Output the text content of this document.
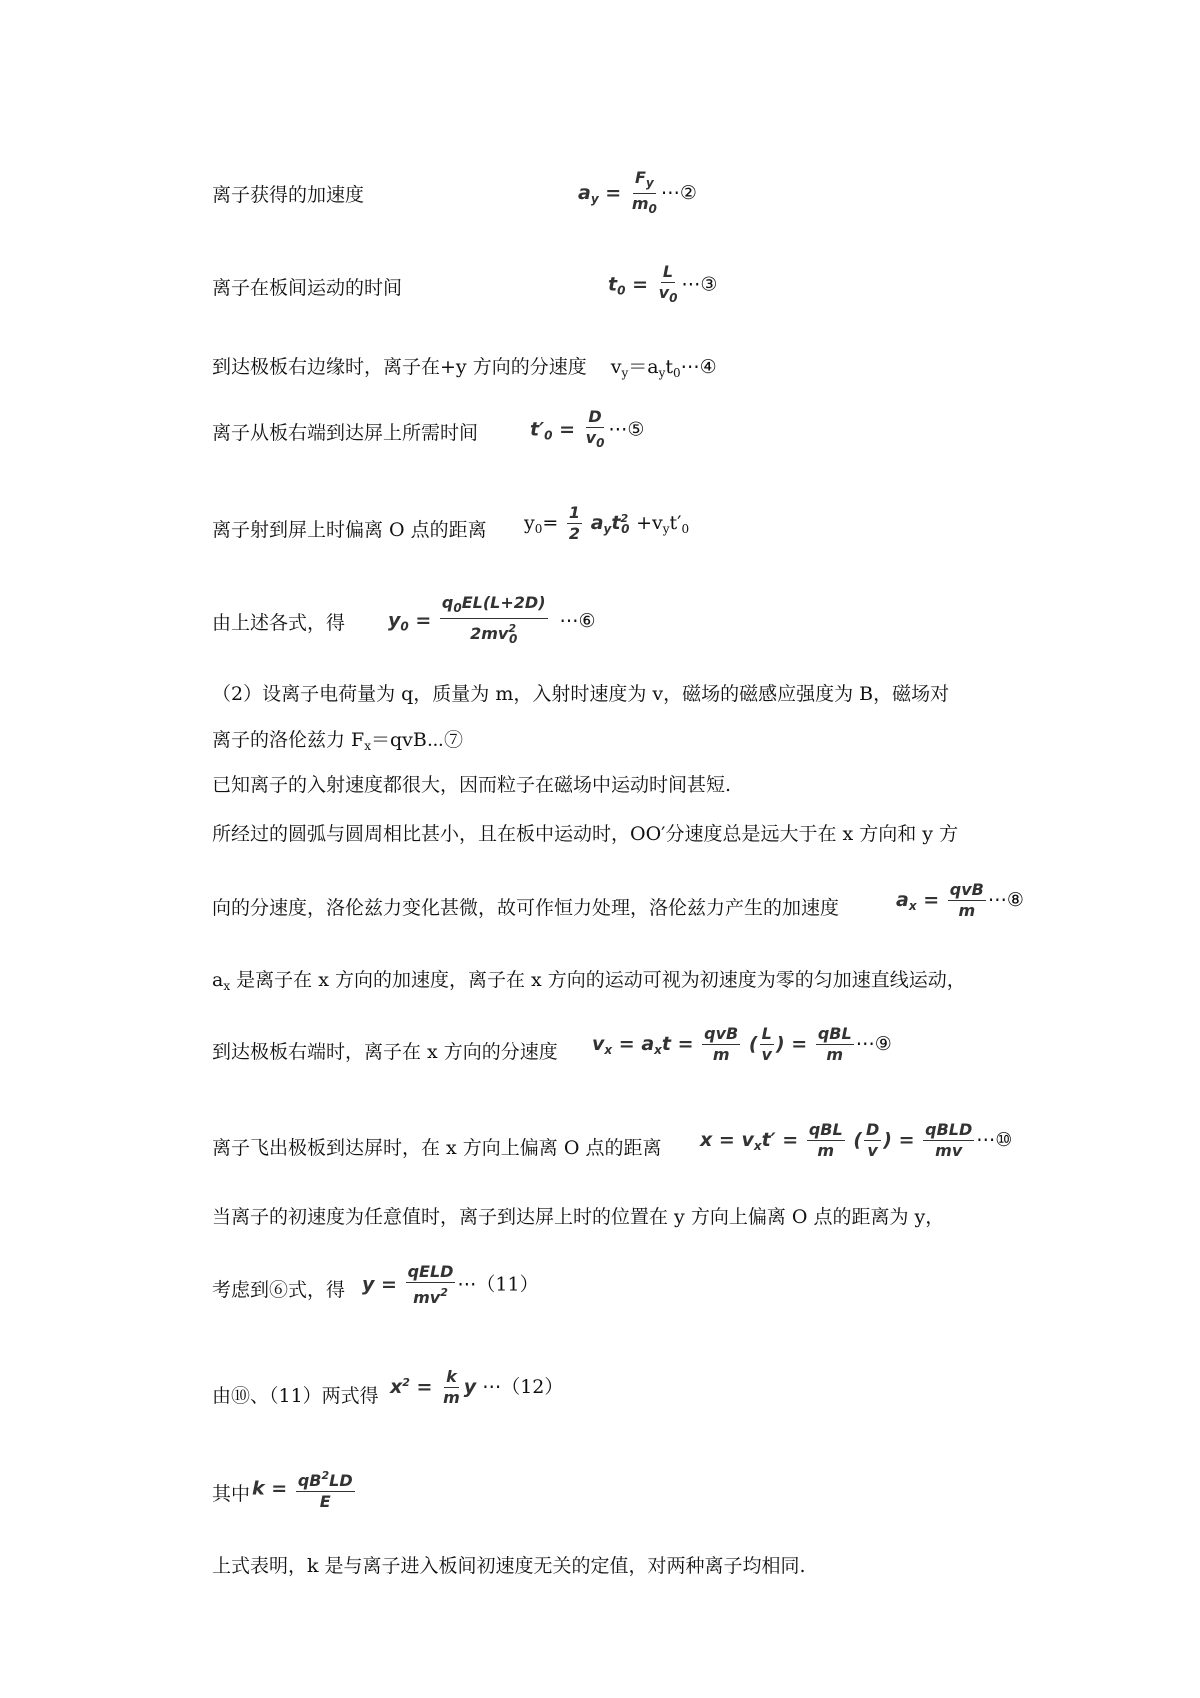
离子获得的加速度	$a_y = \frac{F_y}{m_0}$ ⋯②
离子在板间运动的时间	$t_0 = \frac{L}{v_0}$ ⋯③
到达极板右边缘时，离子在+y 方向的分速度 $v_y=a_yt_0\cdots ④$
离子从板右端到达屏上所需时间	$t'_0 = \frac{D}{v_0}$ ⋯⑤
离子射到屏上时偏离 O 点的距离 $y_0= \frac{1}{2} a_yt^2_0 +v_yt'_0$
由上述各式，得 $y_0 = \frac{q_0EL(L+2D)}{2mv^2_0}$ ⋯⑥
（2）设离子电荷量为 q，质量为 m，入射时速度为 v，磁场的磁感应强度为 B，磁场对
离子的洛伦兹力 $F_x=qvB\cdots ⑦$
已知离子的入射速度都很大，因而粒子在磁场中运动时间甚短.
所经过的圆弧与圆周相比甚小，且在板中运动时，OO′分速度总是远大于在 x 方向和 y 方
向的分速度，洛伦兹力变化甚微，故可作恒力处理，洛伦兹力产生的加速度	$a_x = \frac{\text{qvB}}{m}$ ⋯⑧
$a_x$ 是离子在 x 方向的加速度，离子在 x 方向的运动可视为初速度为零的匀加速直线运动，
到达极板右端时，离子在 x 方向的分速度 $v_x = a_xt = \frac{\text{qvB}}{m}$ ( $\frac{L}{v}$ ) = $\frac{\text{qBL}}{m}$ ⋯⑨
离子飞出极板到达屏时，在 x 方向上偏离 O 点的距离 $x = v_xt' = \frac{\text{qBL}}{m}$ ( $\frac{D}{v}$ ) = $\frac{\text{qBLD}}{mv}$ ⋯⑩
当离子的初速度为任意值时，离子到达屏上时的位置在 y 方向上偏离 O 点的距离为 y，
考虑到⑥式，得 $y = \frac{\text{qELD}}{mv^2}$ ⋯（11）
由⑩、（11）两式得 $x^2 = \frac{k}{m}$ y ⋯（12）
其中 $k = \frac{qB^2LD}{E}$
上式表明，k 是与离子进入板间初速度无关的定值，对两种离子均相同.
